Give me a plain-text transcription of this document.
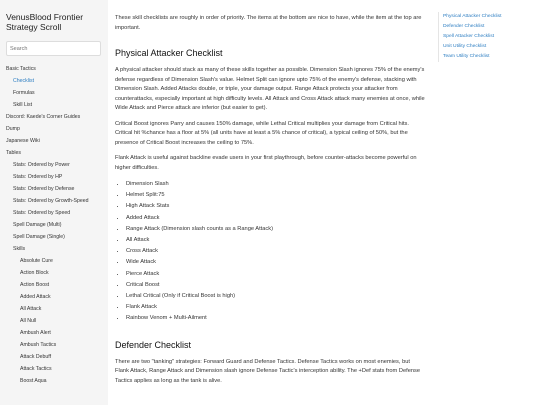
VenusBlood Frontier Strategy Scroll
Search
Basic Tactics
Checklist
Formulas
Skill List
Discord: Kaede's Corner Guides
Dump
Japanese Wiki
Tables
Stats: Ordered by Power
Stats: Ordered by HP
Stats: Ordered by Defense
Stats: Ordered by Growth-Speed
Stats: Ordered by Speed
Spell Damage (Multi)
Spell Damage (Single)
Skills
Absolute Cure
Action Block
Action Boost
Added Attack
All Attack
All Null
Ambush Alert
Ambush Tactics
Attack Debuff
Attack Tactics
Boost Aqua

These skill checklists are roughly in order of priority. The items at the bottom are nice to have, while the item at the top are important.

Physical Attacker Checklist

A physical attacker should stack as many of these skills together as possible. Dimension Slash ignores 75% of the enemy's defense regardless of Dimension Slash's value. Helmet Split can ignore upto 75% of the enemy's defense, stacking with Dimension Slash. Added Attacks double, or triple, your damage output. Range Attack protects your attacker from counterattacks, especially important at high difficulty levels. All Attack and Cross Attack attack many enemies at once, while Wide Attack and Pierce attack are inferior (but easier to get).

Critical Boost ignores Parry and causes 150% damage, while Lethal Critical multiplies your damage from Critical hits. Critical hit %chance has a floor at 5% (all units have at least a 5% chance of critical), a typical ceiling of 50%, but the presence of Critical Boost increases the ceiling to 75%.

Flank Attack is useful against backline evade users in your first playthrough, before counter-attacks become powerful on higher difficulties.

• Dimension Slash
• Helmet Split:75
• High Attack Stats
• Added Attack
• Range Attack (Dimension slash counts as a Range Attack)
• All Attack
• Cross Attack
• Wide Attack
• Pierce Attack
• Critical Boost
• Lethal Critical (Only if Critical Boost is high)
• Flank Attack
• Rainbow Venom + Multi-Ailment
Defender Checklist

There are two "tanking" strategies: Forward Guard and Defense Tactics. Defense Tactics works on most enemies, but Flank Attack, Range Attack and Dimension slash ignore Defense Tactic's interception ability. The +Def stats from Defense Tactics applies as long as the tank is alive.

Physical Attacker Checklist
Defender Checklist
Spell Attacker Checklist
Unit Utility Checklist
Team Utility Checklist
